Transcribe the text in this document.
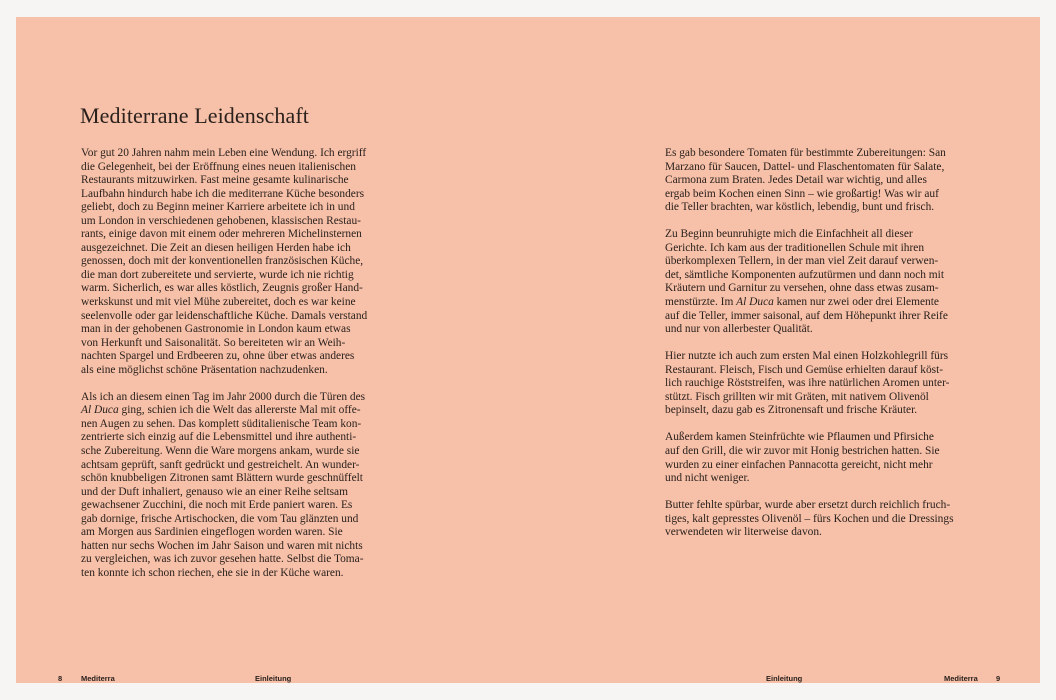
Mediterrane Leidenschaft

Vor gut 20 Jahren nahm mein Leben eine Wendung. Ich ergriff
die Gelegenheit, bei der Eröffnung eines neuen italienischen
Restaurants mitzuwirken. Fast meine gesamte kulinarische
Laufbahn hindurch habe ich die mediterrane Küche besonders
geliebt, doch zu Beginn meiner Karriere arbeitete ich in und
um London in verschiedenen gehobenen, klassischen Restau-
rants, einige davon mit einem oder mehreren Michelinsternen
ausgezeichnet. Die Zeit an diesen heiligen Herden habe ich
genossen, doch mit der konventionellen französischen Küche,
die man dort zubereitete und servierte, wurde ich nie richtig
warm. Sicherlich, es war alles köstlich, Zeugnis großer Hand-
werkskunst und mit viel Mühe zubereitet, doch es war keine
seelenvolle oder gar leidenschaftliche Küche. Damals verstand
man in der gehobenen Gastronomie in London kaum etwas
von Herkunft und Saisonalität. So bereiteten wir an Weih-
nachten Spargel und Erdbeeren zu, ohne über etwas anderes
als eine möglichst schöne Präsentation nachzudenken.

Als ich an diesem einen Tag im Jahr 2000 durch die Türen des
Al Duca ging, schien ich die Welt das allererste Mal mit offe-
nen Augen zu sehen. Das komplett süditalienische Team kon-
zentrierte sich einzig auf die Lebensmittel und ihre authenti-
sche Zubereitung. Wenn die Ware morgens ankam, wurde sie
achtsam geprüft, sanft gedrückt und gestreichelt. An wunder-
schön knubbeligen Zitronen samt Blättern wurde geschnüffelt
und der Duft inhaliert, genauso wie an einer Reihe seltsam
gewachsener Zucchini, die noch mit Erde paniert waren. Es
gab dornige, frische Artischocken, die vom Tau glänzten und
am Morgen aus Sardinien eingeflogen worden waren. Sie
hatten nur sechs Wochen im Jahr Saison und waren mit nichts
zu vergleichen, was ich zuvor gesehen hatte. Selbst die Toma-
ten konnte ich schon riechen, ehe sie in der Küche waren.

Es gab besondere Tomaten für bestimmte Zubereitungen: San
Marzano für Saucen, Dattel- und Flaschentomaten für Salate,
Carmona zum Braten. Jedes Detail war wichtig, und alles
ergab beim Kochen einen Sinn – wie großartig! Was wir auf
die Teller brachten, war köstlich, lebendig, bunt und frisch.

Zu Beginn beunruhigte mich die Einfachheit all dieser
Gerichte. Ich kam aus der traditionellen Schule mit ihren
überkomplexen Tellern, in der man viel Zeit darauf verwen-
det, sämtliche Komponenten aufzutürmen und dann noch mit
Kräutern und Garnitur zu versehen, ohne dass etwas zusam-
menstürzte. Im Al Duca kamen nur zwei oder drei Elemente
auf die Teller, immer saisonal, auf dem Höhepunkt ihrer Reife
und nur von allerbester Qualität.

Hier nutzte ich auch zum ersten Mal einen Holzkohlegrill fürs
Restaurant. Fleisch, Fisch und Gemüse erhielten darauf köst-
lich rauchige Röststreifen, was ihre natürlichen Aromen unter-
stützt. Fisch grillten wir mit Gräten, mit nativem Olivenöl
bepinselt, dazu gab es Zitronensaft und frische Kräuter.

Außerdem kamen Steinfrüchte wie Pflaumen und Pfirsiche
auf den Grill, die wir zuvor mit Honig bestrichen hatten. Sie
wurden zu einer einfachen Pannacotta gereicht, nicht mehr
und nicht weniger.

Butter fehlte spürbar, wurde aber ersetzt durch reichlich fruch-
tiges, kalt gepresstes Olivenöl – fürs Kochen und die Dressings
verwendeten wir literweise davon.

8	Mediterra	Einleitung	Einleitung	Mediterra 9
